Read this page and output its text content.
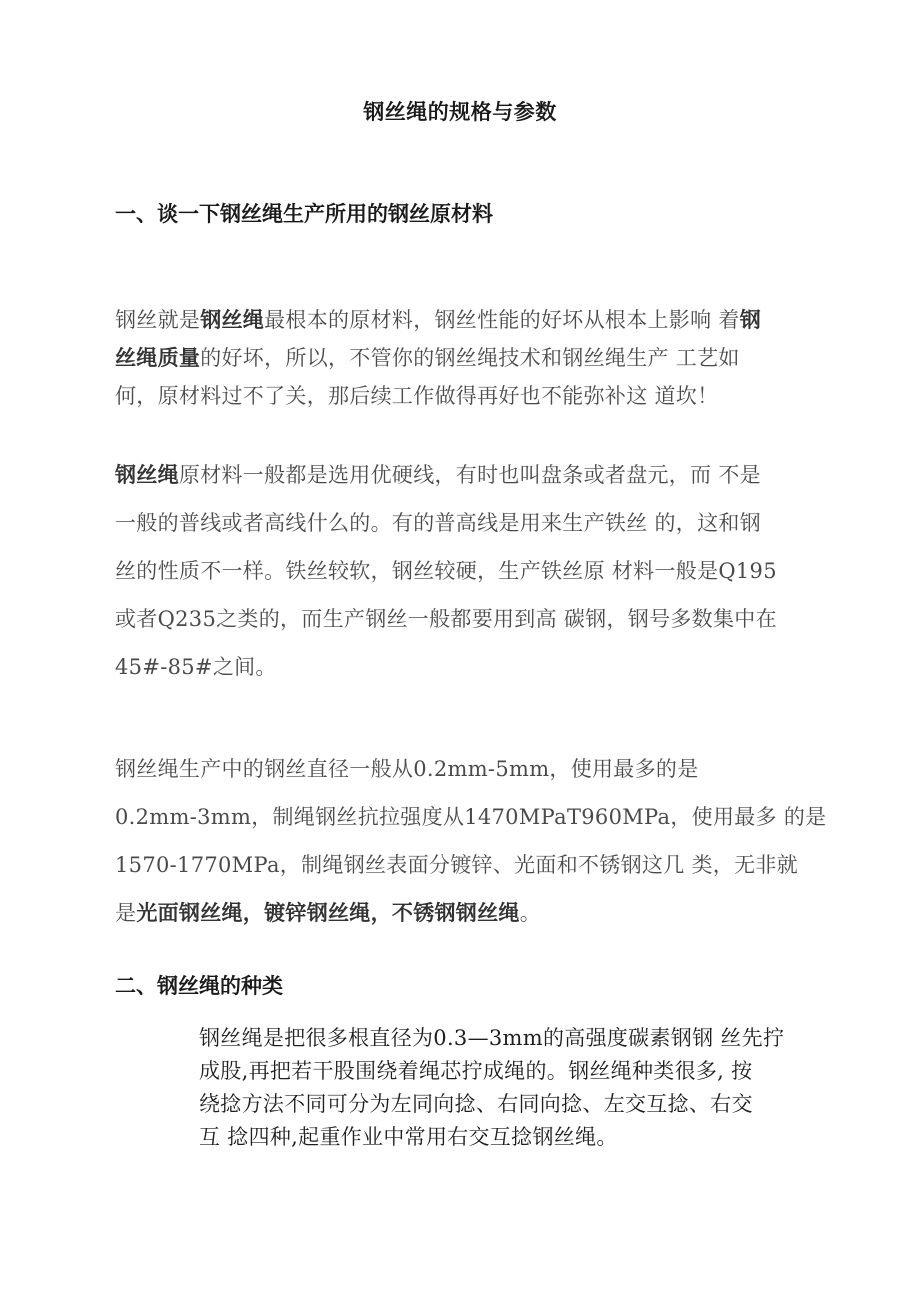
钢丝绳的规格与参数
一、谈一下钢丝绳生产所用的钢丝原材料
钢丝就是钢丝绳最根本的原材料，钢丝性能的好坏从根本上影响 着钢
丝绳质量的好坏，所以，不管你的钢丝绳技术和钢丝绳生产 工艺如
何，原材料过不了关，那后续工作做得再好也不能弥补这 道坎！
钢丝绳原材料一般都是选用优硬线，有时也叫盘条或者盘元，而 不是
一般的普线或者高线什么的。有的普高线是用来生产铁丝 的，这和钢
丝的性质不一样。铁丝较软，钢丝较硬，生产铁丝原 材料一般是Q195
或者Q235之类的，而生产钢丝一般都要用到高 碳钢，钢号多数集中在
45#-85#之间。
钢丝绳生产中的钢丝直径一般从0.2mm-5mm，使用最多的是
0.2mm-3mm，制绳钢丝抗拉强度从1470MPaT960MPa，使用最多 的是
1570-1770MPa，制绳钢丝表面分镀锌、光面和不锈钢这几 类，无非就
是光面钢丝绳，镀锌钢丝绳，不锈钢钢丝绳。
二、钢丝绳的种类
钢丝绳是把很多根直径为0.3—3mm的高强度碳素钢钢 丝先拧
成股,再把若干股围绕着绳芯拧成绳的。钢丝绳种类很多, 按
绕捻方法不同可分为左同向捻、右同向捻、左交互捻、右交
互 捻四种,起重作业中常用右交互捻钢丝绳。
